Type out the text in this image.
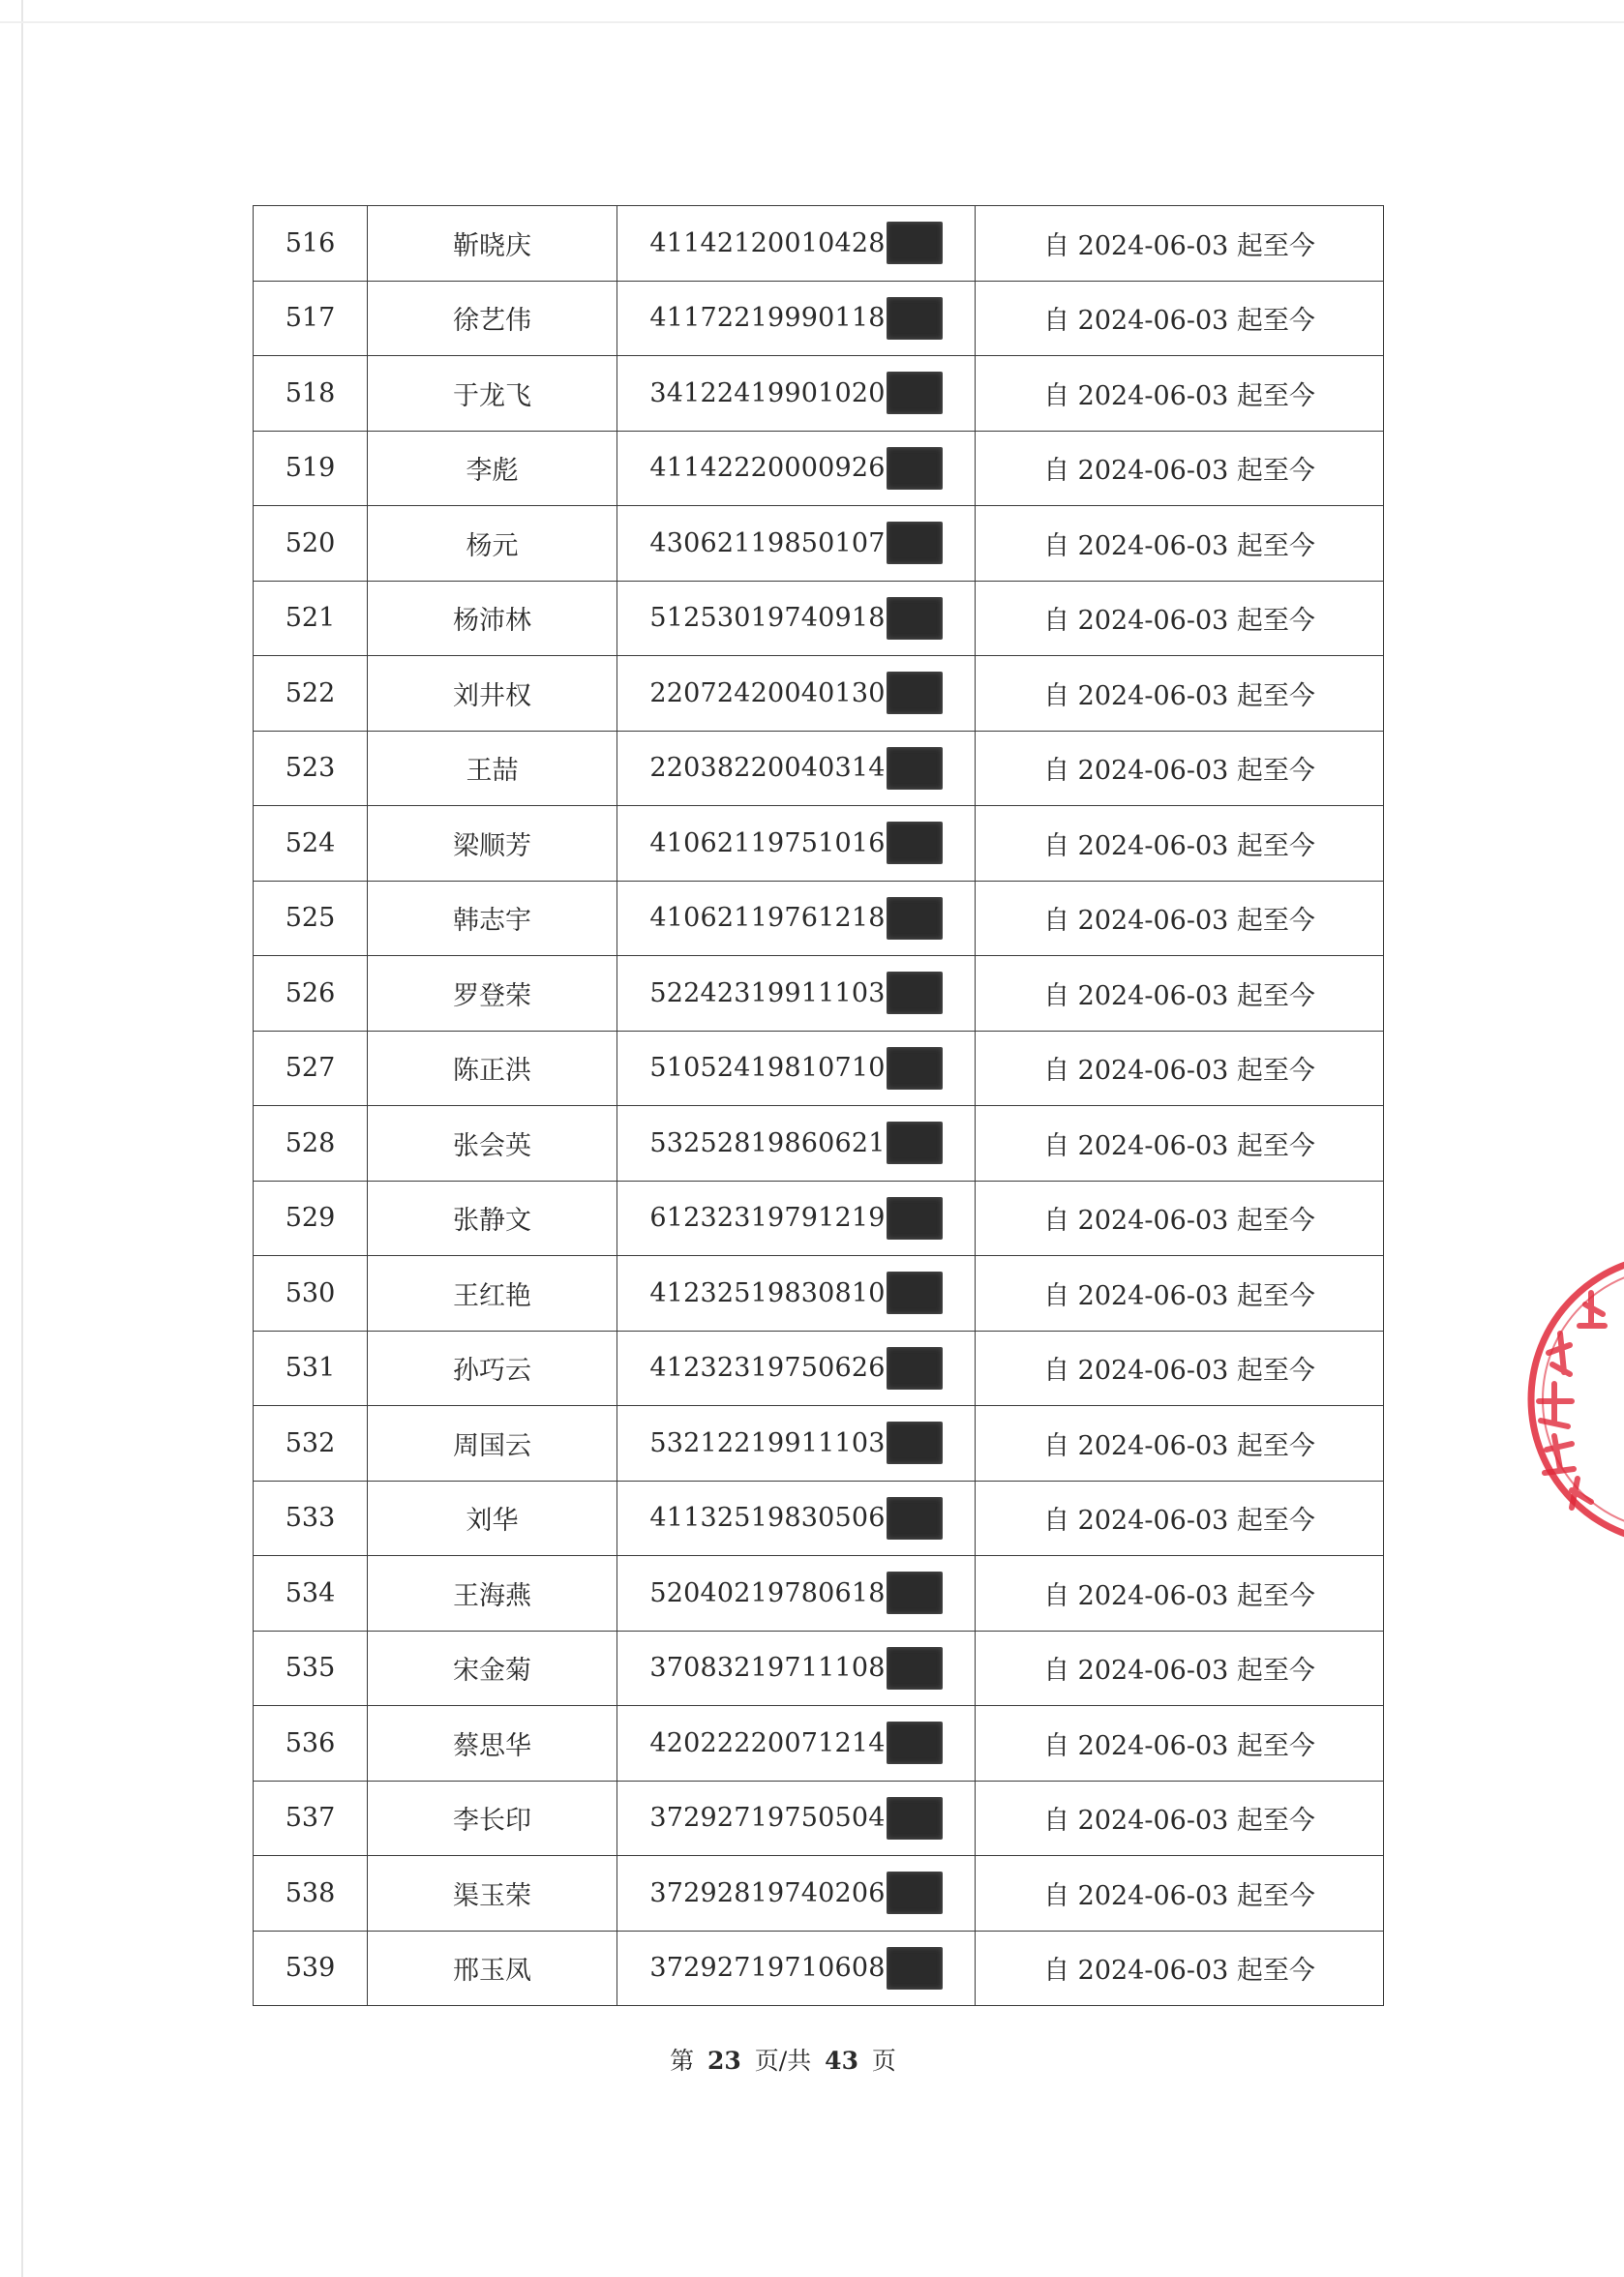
516	靳晓庆	41142120010428	自 2024-06-03 起至今
517	徐艺伟	41172219990118	自 2024-06-03 起至今
518	于龙飞	34122419901020	自 2024-06-03 起至今
519	李彪	41142220000926	自 2024-06-03 起至今
520	杨元	43062119850107	自 2024-06-03 起至今
521	杨沛林	51253019740918	自 2024-06-03 起至今
522	刘井权	22072420040130	自 2024-06-03 起至今
523	王喆	22038220040314	自 2024-06-03 起至今
524	梁顺芳	41062119751016	自 2024-06-03 起至今
525	韩志宇	41062119761218	自 2024-06-03 起至今
526	罗登荣	52242319911103	自 2024-06-03 起至今
527	陈正洪	51052419810710	自 2024-06-03 起至今
528	张会英	53252819860621	自 2024-06-03 起至今
529	张静文	61232319791219	自 2024-06-03 起至今
530	王红艳	41232519830810	自 2024-06-03 起至今
531	孙巧云	41232319750626	自 2024-06-03 起至今
532	周国云	53212219911103	自 2024-06-03 起至今
533	刘华	41132519830506	自 2024-06-03 起至今
534	王海燕	52040219780618	自 2024-06-03 起至今
535	宋金菊	37083219711108	自 2024-06-03 起至今
536	蔡思华	42022220071214	自 2024-06-03 起至今
537	李长印	37292719750504	自 2024-06-03 起至今
538	渠玉荣	37292819740206	自 2024-06-03 起至今
539	邢玉凤	37292719710608	自 2024-06-03 起至今
第 23 页/共 43 页
